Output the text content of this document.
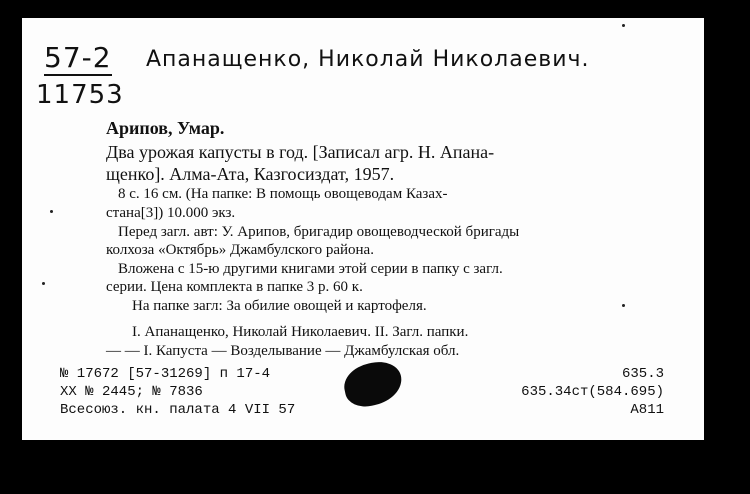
57-2
11753
Апанащенко, Николай Николаевич.
Арипов, Умар.
Два урожая капусты в год. [Записал агр. Н. Апана-
щенко]. Алма-Ата, Казгосиздат, 1957.
8 с. 16 см. (На папке: В помощь овощеводам Казах-
стана[3]) 10.000 экз.
Перед загл. авт: У. Арипов, бригадир овощеводческой бригады
колхоза «Октябрь» Джамбулского района.
Вложена с 15-ю другими книгами этой серии в папку с загл.
серии. Цена комплекта в папке 3 р. 60 к.
На папке загл: За обилие овощей и картофеля.
I. Апанащенко, Николай Николаевич. II. Загл. папки.
— — I. Капуста — Возделывание — Джамбулская обл.
№ 17672 [57-31269] п 17-4
XX № 2445; № 7836
Всесоюз. кн. палата 4 VII 57
635.3
635.34ст(584.695)
А811
